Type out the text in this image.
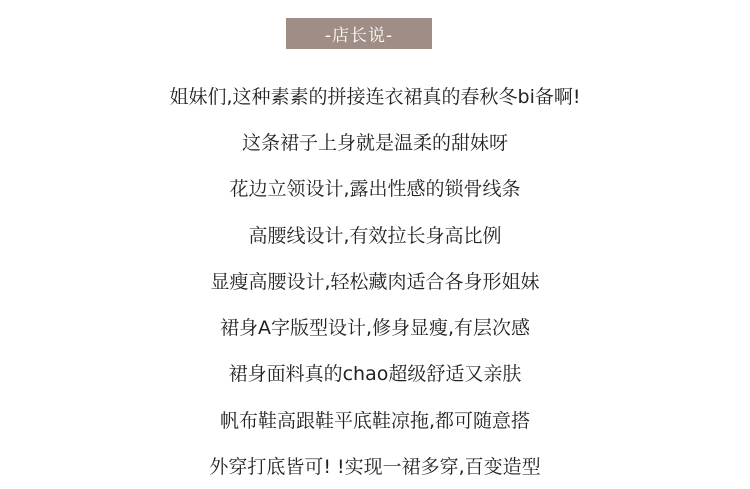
-店长说-
姐妹们,这种素素的拼接连衣裙真的春秋冬bi备啊!
这条裙子上身就是温柔的甜妹呀
花边立领设计,露出性感的锁骨线条
高腰线设计,有效拉长身高比例
显瘦高腰设计,轻松藏肉适合各身形姐妹
裙身A字版型设计,修身显瘦,有层次感
裙身面料真的chao超级舒适又亲肤
帆布鞋高跟鞋平底鞋凉拖,都可随意搭
外穿打底皆可! !实现一裙多穿,百变造型
